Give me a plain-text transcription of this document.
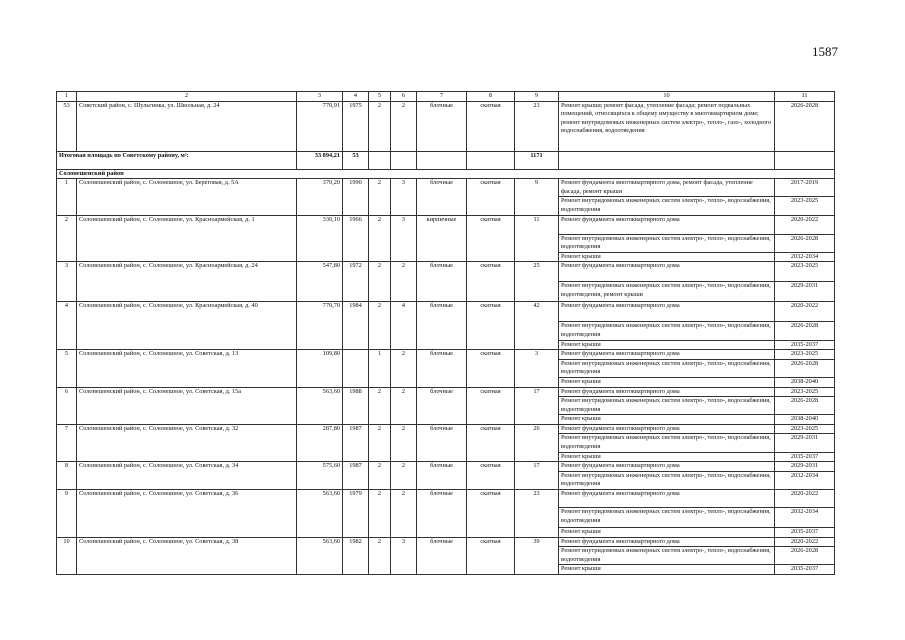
1587
1	2	3	4	5	6	7	8	9	10	11
53	Советский район, с. Шульгинка, ул. Школьная, д. 24	770,91	1975	2	2	блочные	скатная	23	Ремонт крыши; ремонт фасада, утепление фасада; ремонт подвальных помещений, относящихся к общему имуществу в многоквартирном доме; ремонт внутридомовых инженерных систем электро-, тепло-, газо-, холодного водоснабжения, водоотведения	2026-2028
Итоговая площадь по Советскому району, м²:		33 894,21	53					1171		
Солонешенский район										
1	Солонешенский район, с. Солонешное, ул. Береговая, д. 5А	370,20	1990	2	3	блочные	скатная	9	Ремонт фундамента многоквартирного дома, ремонт фасада, утепление фасада, ремонт крыши	2017-2019
									Ремонт внутридомовых инженерных систем электро-, тепло-, водоснабжения, водоотведения	2023-2025
2	Солонешенский район, с. Солонешное, ул. Красноармейская, д. 1	330,10	1966	2	3	кирпичные	скатная	11	Ремонт фундамента многоквартирного дома	2020-2022
									Ремонт внутридомовых инженерных систем электро-, тепло-, водоснабжения, водоотведения	2026-2028
									Ремонт крыши	2032-2034
3	Солонешенский район, с. Солонешное, ул. Красноармейская, д. 24	547,80	1972	2	2	блочные	скатная	25	Ремонт фундамента многоквартирного дома	2023-2025
									Ремонт внутридомовых инженерных систем электро-, тепло-, водоснабжения, водоотведения, ремонт крыши	2029-2031
4	Солонешенский район, с. Солонешное, ул. Красноармейская, д. 40	770,70	1984	2	4	блочные	скатная	42	Ремонт фундамента многоквартирного дома	2020-2022
									Ремонт внутридомовых инженерных систем электро-, тепло-, водоснабжения, водоотведения	2026-2028
									Ремонт крыши	2035-2037
5	Солонешенский район, с. Солонешное, ул. Советская, д. 13	109,80		1	2	блочные	скатная	3	Ремонт фундамента многоквартирного дома	2023-2025
									Ремонт внутридомовых инженерных систем электро-, тепло-, водоснабжения, водоотведения	2026-2028
									Ремонт крыши	2038-2040
6	Солонешенский район, с. Солонешное, ул. Советская, д. 15а	563,60	1988	2	2	блочные	скатная	17	Ремонт фундамента многоквартирного дома	2023-2025
									Ремонт внутридомовых инженерных систем электро-, тепло-, водоснабжения, водоотведения	2026-2028
									Ремонт крыши	2038-2040
7	Солонешенский район, с. Солонешное, ул. Советская, д. 32	287,80	1987	2	2	блочные	скатная	26	Ремонт фундамента многоквартирного дома	2023-2025
									Ремонт внутридомовых инженерных систем электро-, тепло-, водоснабжения, водоотведения	2029-2031
									Ремонт крыши	2035-2037
8	Солонешенский район, с. Солонешное, ул. Советская, д. 34	575,60	1987	2	2	блочные	скатная	17	Ремонт фундамента многоквартирного дома	2029-2031
									Ремонт внутридомовых инженерных систем электро-, тепло-, водоснабжения, водоотведения	2032-2034
9	Солонешенский район, с. Солонешное, ул. Советская, д. 36	563,60	1979	2	2	блочные	скатная	23	Ремонт фундамента многоквартирного дома	2020-2022
									Ремонт внутридомовых инженерных систем электро-, тепло-, водоснабжения, водоотведения	2032-2034
									Ремонт крыши	2035-2037
10	Солонешенский район, с. Солонешное, ул. Советская, д. 38	563,60	1982	2	3	блочные	скатная	39	Ремонт фундамента многоквартирного дома	2020-2022
									Ремонт внутридомовых инженерных систем электро-, тепло-, водоснабжения, водоотведения	2026-2028
									Ремонт крыши	2035-2037
